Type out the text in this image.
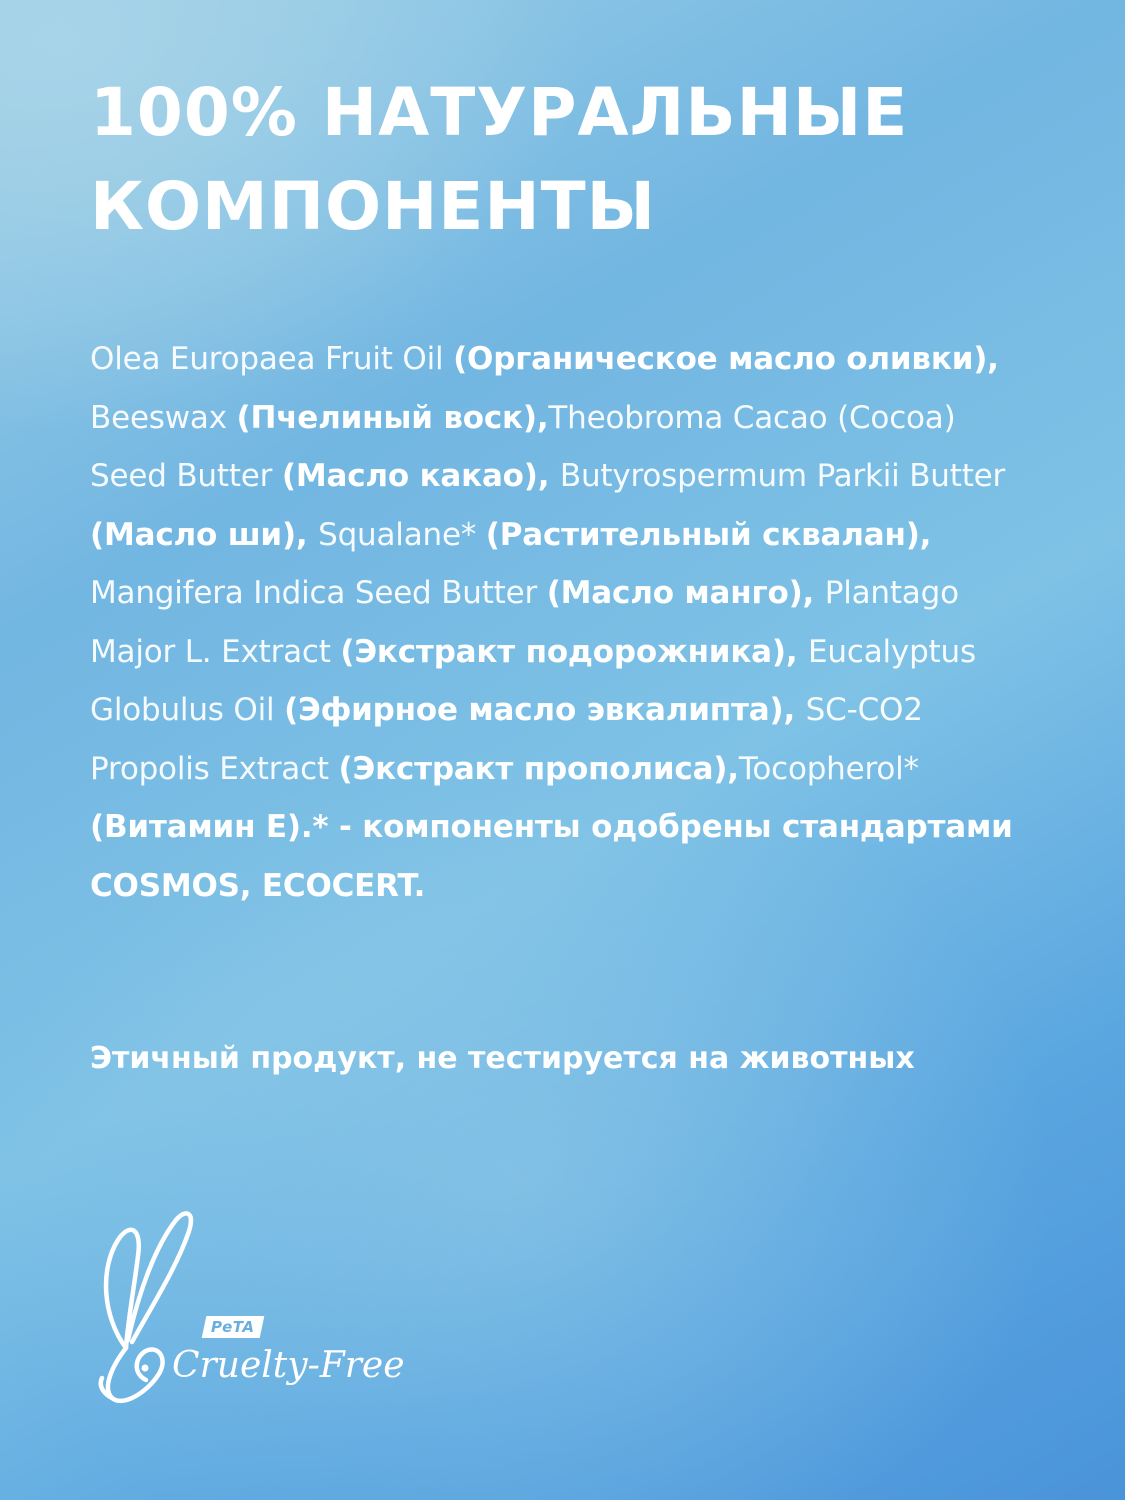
100% НАТУРАЛЬНЫЕ
КОМПОНЕНТЫ

Olea Europaea Fruit Oil (Органическое масло оливки), Beeswax (Пчелиный воск),Theobroma Cacao (Cocoa) Seed Butter (Масло какао), Butyrospermum Parkii Butter (Масло ши), Squalane* (Растительный сквалан), Mangifera Indica Seed Butter (Масло манго), Plantago Major L. Extract (Экстракт подорожника), Eucalyptus Globulus Oil (Эфирное масло эвкалипта), SC-CO2 Propolis Extract (Экстракт прополиса),Tocopherol* (Витамин E).* - компоненты одобрены стандартами COSMOS, ECOCERT.

Этичный продукт, не тестируется на животных

PeTA
Cruelty-Free
